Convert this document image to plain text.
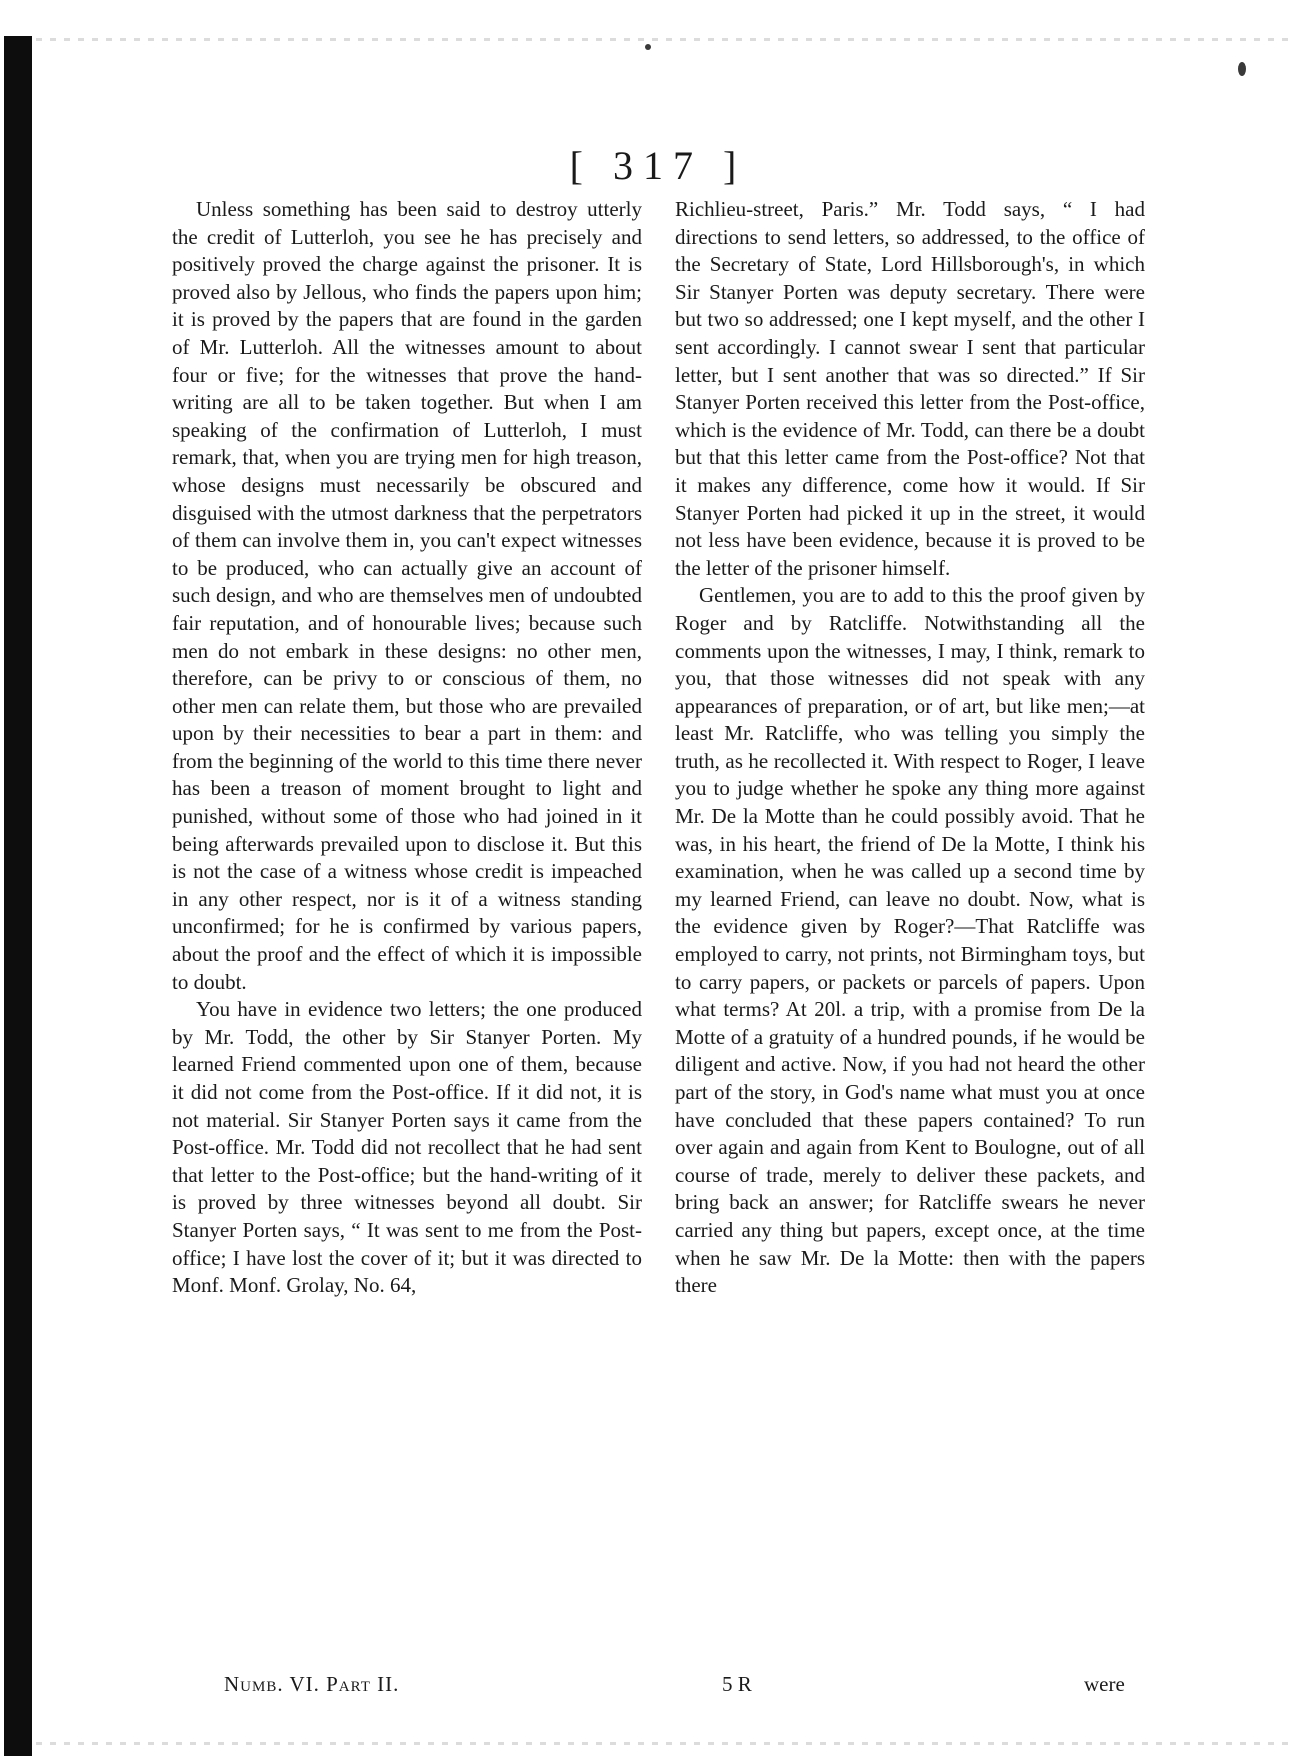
[ 317 ]

Unless something has been said to destroy utterly the credit of Lutterloh, you see he has precisely and positively proved the charge against the prisoner. It is proved also by Jellous, who finds the papers upon him; it is proved by the papers that are found in the garden of Mr. Lutterloh. All the witnesses amount to about four or five; for the witnesses that prove the hand-writing are all to be taken together. But when I am speaking of the confirmation of Lutterloh, I must remark, that, when you are trying men for high treason, whose designs must necessarily be obscured and disguised with the utmost darkness that the perpetrators of them can involve them in, you can't expect witnesses to be produced, who can actually give an account of such design, and who are themselves men of undoubted fair reputation, and of honourable lives; because such men do not embark in these designs: no other men, therefore, can be privy to or conscious of them, no other men can relate them, but those who are prevailed upon by their necessities to bear a part in them: and from the beginning of the world to this time there never has been a treason of moment brought to light and punished, without some of those who had joined in it being afterwards prevailed upon to disclose it. But this is not the case of a witness whose credit is impeached in any other respect, nor is it of a witness standing unconfirmed; for he is confirmed by various papers, about the proof and the effect of which it is impossible to doubt.

You have in evidence two letters; the one produced by Mr. Todd, the other by Sir Stanyer Porten. My learned Friend commented upon one of them, because it did not come from the Post-office. If it did not, it is not material. Sir Stanyer Porten says it came from the Post-office. Mr. Todd did not recollect that he had sent that letter to the Post-office; but the hand-writing of it is proved by three witnesses beyond all doubt. Sir Stanyer Porten says, “ It was sent to me from the Post-office; I have lost the cover of it; but it was directed to Monf. Monf. Grolay, No. 64,

Richlieu-street, Paris.” Mr. Todd says, “ I had directions to send letters, so addressed, to the office of the Secretary of State, Lord Hillsborough's, in which Sir Stanyer Porten was deputy secretary. There were but two so addressed; one I kept myself, and the other I sent accordingly. I cannot swear I sent that particular letter, but I sent another that was so directed.” If Sir Stanyer Porten received this letter from the Post-office, which is the evidence of Mr. Todd, can there be a doubt but that this letter came from the Post-office? Not that it makes any difference, come how it would. If Sir Stanyer Porten had picked it up in the street, it would not less have been evidence, because it is proved to be the letter of the prisoner himself.

Gentlemen, you are to add to this the proof given by Roger and by Ratcliffe. Notwithstanding all the comments upon the witnesses, I may, I think, remark to you, that those witnesses did not speak with any appearances of preparation, or of art, but like men;—at least Mr. Ratcliffe, who was telling you simply the truth, as he recollected it. With respect to Roger, I leave you to judge whether he spoke any thing more against Mr. De la Motte than he could possibly avoid. That he was, in his heart, the friend of De la Motte, I think his examination, when he was called up a second time by my learned Friend, can leave no doubt. Now, what is the evidence given by Roger?—That Ratcliffe was employed to carry, not prints, not Birmingham toys, but to carry papers, or packets or parcels of papers. Upon what terms? At 20l. a trip, with a promise from De la Motte of a gratuity of a hundred pounds, if he would be diligent and active. Now, if you had not heard the other part of the story, in God's name what must you at once have concluded that these papers contained? To run over again and again from Kent to Boulogne, out of all course of trade, merely to deliver these packets, and bring back an answer; for Ratcliffe swears he never carried any thing but papers, except once, at the time when he saw Mr. De la Motte: then with the papers there

Numb. VI. Part II.	5 R	were
